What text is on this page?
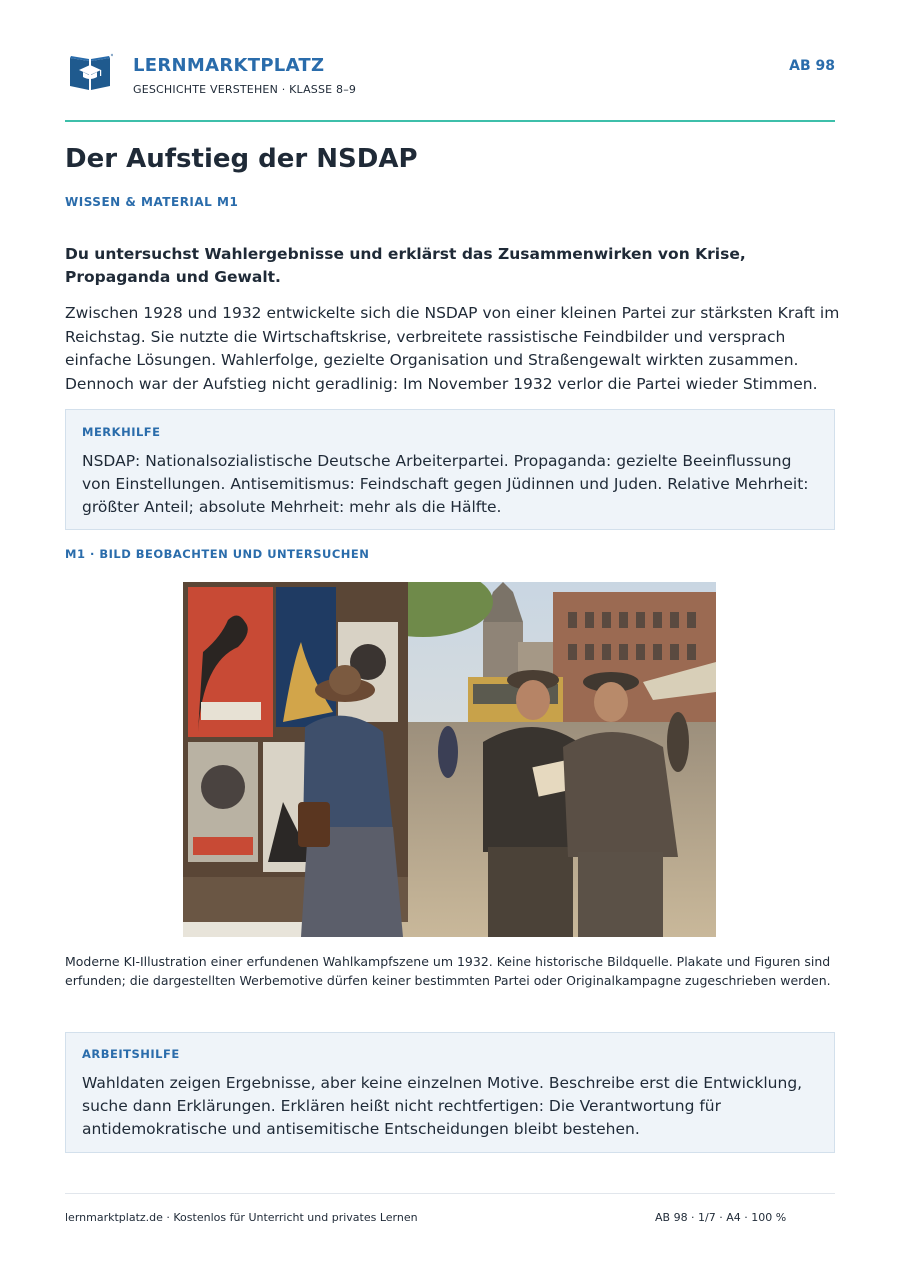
LERNMARKTPLATZ
GESCHICHTE VERSTEHEN · KLASSE 8–9
AB 98
Der Aufstieg der NSDAP
WISSEN & MATERIAL M1

Du untersuchst Wahlergebnisse und erklärst das Zusammenwirken von Krise, Propaganda und Gewalt.

Zwischen 1928 und 1932 entwickelte sich die NSDAP von einer kleinen Partei zur stärksten Kraft im Reichstag. Sie nutzte die Wirtschaftskrise, verbreitete rassistische Feindbilder und versprach einfache Lösungen. Wahlerfolge, gezielte Organisation und Straßengewalt wirkten zusammen. Dennoch war der Aufstieg nicht geradlinig: Im November 1932 verlor die Partei wieder Stimmen.

MERKHILFE

NSDAP: Nationalsozialistische Deutsche Arbeiterpartei. Propaganda: gezielte Beeinflussung von Einstellungen. Antisemitismus: Feindschaft gegen Jüdinnen und Juden. Relative Mehrheit: größter Anteil; absolute Mehrheit: mehr als die Hälfte.

M1 · BILD BEOBACHTEN UND UNTERSUCHEN

Moderne KI-Illustration einer erfundenen Wahlkampfszene um 1932. Keine historische Bildquelle. Plakate und Figuren sind erfunden; die dargestellten Werbemotive dürfen keiner bestimmten Partei oder Originalkampagne zugeschrieben werden.

ARBEITSHILFE

Wahldaten zeigen Ergebnisse, aber keine einzelnen Motive. Beschreibe erst die Entwicklung, suche dann Erklärungen. Erklären heißt nicht rechtfertigen: Die Verantwortung für antidemokratische und antisemitische Entscheidungen bleibt bestehen.

lernmarktplatz.de · Kostenlos für Unterricht und privates Lernen	AB 98 · 1/7 · A4 · 100 %
